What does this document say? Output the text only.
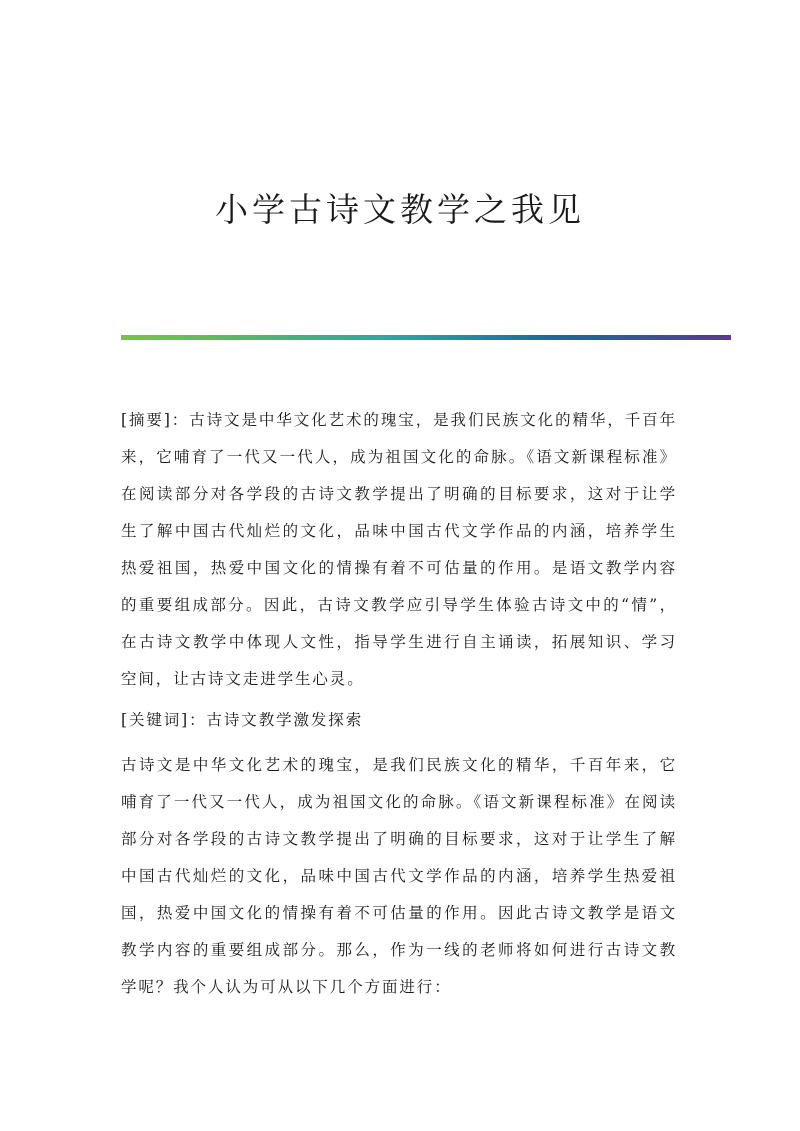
小学古诗文教学之我见

[摘要]：古诗文是中华文化艺术的瑰宝，是我们民族文化的精华，千百年来，它哺育了一代又一代人，成为祖国文化的命脉。《语文新课程标准》在阅读部分对各学段的古诗文教学提出了明确的目标要求，这对于让学生了解中国古代灿烂的文化，品味中国古代文学作品的内涵，培养学生热爱祖国，热爱中国文化的情操有着不可估量的作用。是语文教学内容的重要组成部分。因此，古诗文教学应引导学生体验古诗文中的“情”，在古诗文教学中体现人文性，指导学生进行自主诵读，拓展知识、学习空间，让古诗文走进学生心灵。

[关键词]：古诗文教学激发探索

古诗文是中华文化艺术的瑰宝，是我们民族文化的精华，千百年来，它哺育了一代又一代人，成为祖国文化的命脉。《语文新课程标准》在阅读部分对各学段的古诗文教学提出了明确的目标要求，这对于让学生了解中国古代灿烂的文化，品味中国古代文学作品的内涵，培养学生热爱祖国，热爱中国文化的情操有着不可估量的作用。因此古诗文教学是语文教学内容的重要组成部分。那么，作为一线的老师将如何进行古诗文教学呢？我个人认为可从以下几个方面进行：
